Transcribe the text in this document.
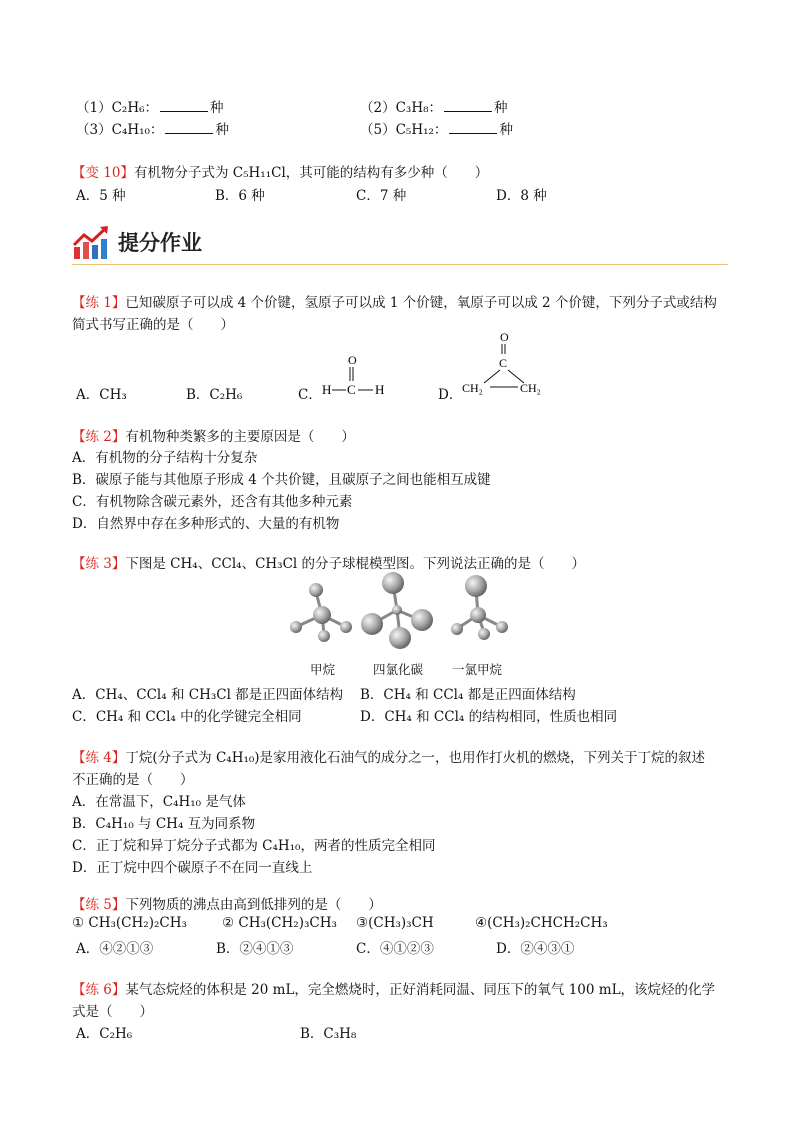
（1）C₂H₆：	种	（2）C₃H₈：	种
（3）C₄H₁₀：	种	（5）C₅H₁₂：	种
【变 10】有机物分子式为 C₅H₁₁Cl，其可能的结构有多少种（　　）
A．5 种	B．6 种	C．7 种	D．8 种
提分作业
【练 1】已知碳原子可以成 4 个价键，氢原子可以成 1 个价键，氧原子可以成 2 个价键，下列分子式或结构
简式书写正确的是（　　）
A．CH₃	B．C₂H₆	C．
O
H C H	D．
O
C
CH₂	CH₂
【练 2】有机物种类繁多的主要原因是（　　）
A．有机物的分子结构十分复杂
B．碳原子能与其他原子形成 4 个共价键，且碳原子之间也能相互成键
C．有机物除含碳元素外，还含有其他多种元素
D．自然界中存在多种形式的、大量的有机物
【练 3】下图是 CH₄、CCl₄、CH₃Cl 的分子球棍模型图。下列说法正确的是（　　）
甲烷	四氯化碳 一氯甲烷
A．CH₄、CCl₄ 和 CH₃Cl 都是正四面体结构 B．CH₄ 和 CCl₄ 都是正四面体结构
C．CH₄ 和 CCl₄ 中的化学键完全相同	D．CH₄ 和 CCl₄ 的结构相同，性质也相同
【练 4】丁烷(分子式为 C₄H₁₀)是家用液化石油气的成分之一，也用作打火机的燃烧，下列关于丁烷的叙述
不正确的是（　　）
A．在常温下，C₄H₁₀ 是气体
B．C₄H₁₀ 与 CH₄ 互为同系物
C．正丁烷和异丁烷分子式都为 C₄H₁₀，两者的性质完全相同
D．正丁烷中四个碳原子不在同一直线上
【练 5】下列物质的沸点由高到低排列的是（　　）
① CH₃(CH₂)₂CH₃	② CH₃(CH₂)₃CH₃ ③(CH₃)₃CH	④(CH₃)₂CHCH₂CH₃
A．④②①③	B．②④①③	C．④①②③	D．②④③①
【练 6】某气态烷烃的体积是 20 mL，完全燃烧时，正好消耗同温、同压下的氧气 100 mL，该烷烃的化学
式是（　　）
A．C₂H₆	B．C₃H₈
